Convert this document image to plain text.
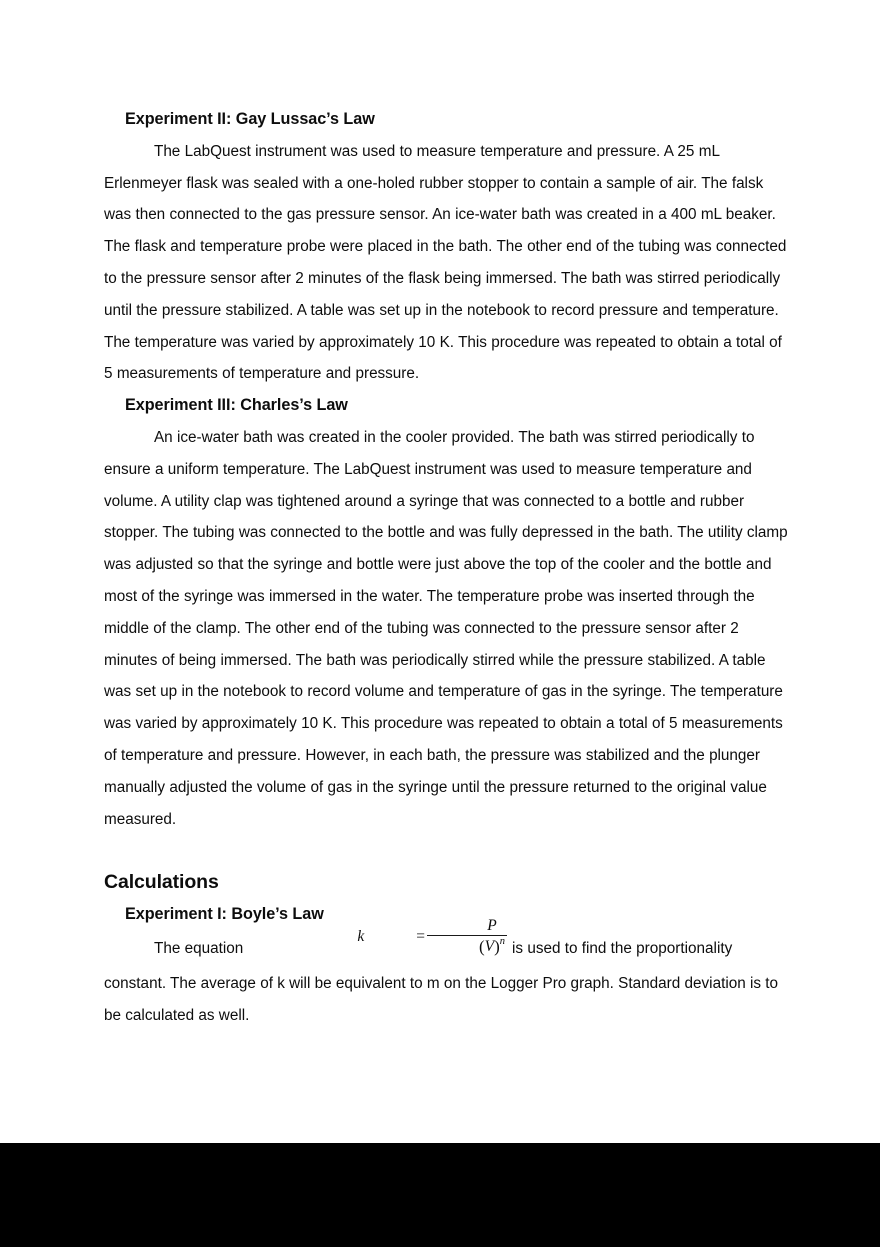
Experiment II: Gay Lussac’s Law

The LabQuest instrument was used to measure temperature and pressure. A 25 mL Erlenmeyer flask was sealed with a one-holed rubber stopper to contain a sample of air. The falsk was then connected to the gas pressure sensor. An ice-water bath was created in a 400 mL beaker. The flask and temperature probe were placed in the bath. The other end of the tubing was connected to the pressure sensor after 2 minutes of the flask being immersed. The bath was stirred periodically until the pressure stabilized. A table was set up in the notebook to record pressure and temperature. The temperature was varied by approximately 10 K. This procedure was repeated to obtain a total of 5 measurements of temperature and pressure.

Experiment III: Charles’s Law

An ice-water bath was created in the cooler provided. The bath was stirred periodically to ensure a uniform temperature. The LabQuest instrument was used to measure temperature and volume. A utility clap was tightened around a syringe that was connected to a bottle and rubber stopper. The tubing was connected to the bottle and was fully depressed in the bath. The utility clamp was adjusted so that the syringe and bottle were just above the top of the cooler and the bottle and most of the syringe was immersed in the water. The temperature probe was inserted through the middle of the clamp. The other end of the tubing was connected to the pressure sensor after 2 minutes of being immersed. The bath was periodically stirred while the pressure stabilized. A table was set up in the notebook to record volume and temperature of gas in the syringe. The temperature was varied by approximately 10 K. This procedure was repeated to obtain a total of 5 measurements of temperature and pressure. However, in each bath, the pressure was stabilized and the plunger manually adjusted the volume of gas in the syringe until the pressure returned to the original value measured.

Calculations
Experiment I: Boyle’s Law

The equationk	= $\frac{P}{(V)^n}$ is used to find the proportionality constant. The average of k will be equivalent to m on the Logger Pro graph. Standard deviation is to be calculated as well.
